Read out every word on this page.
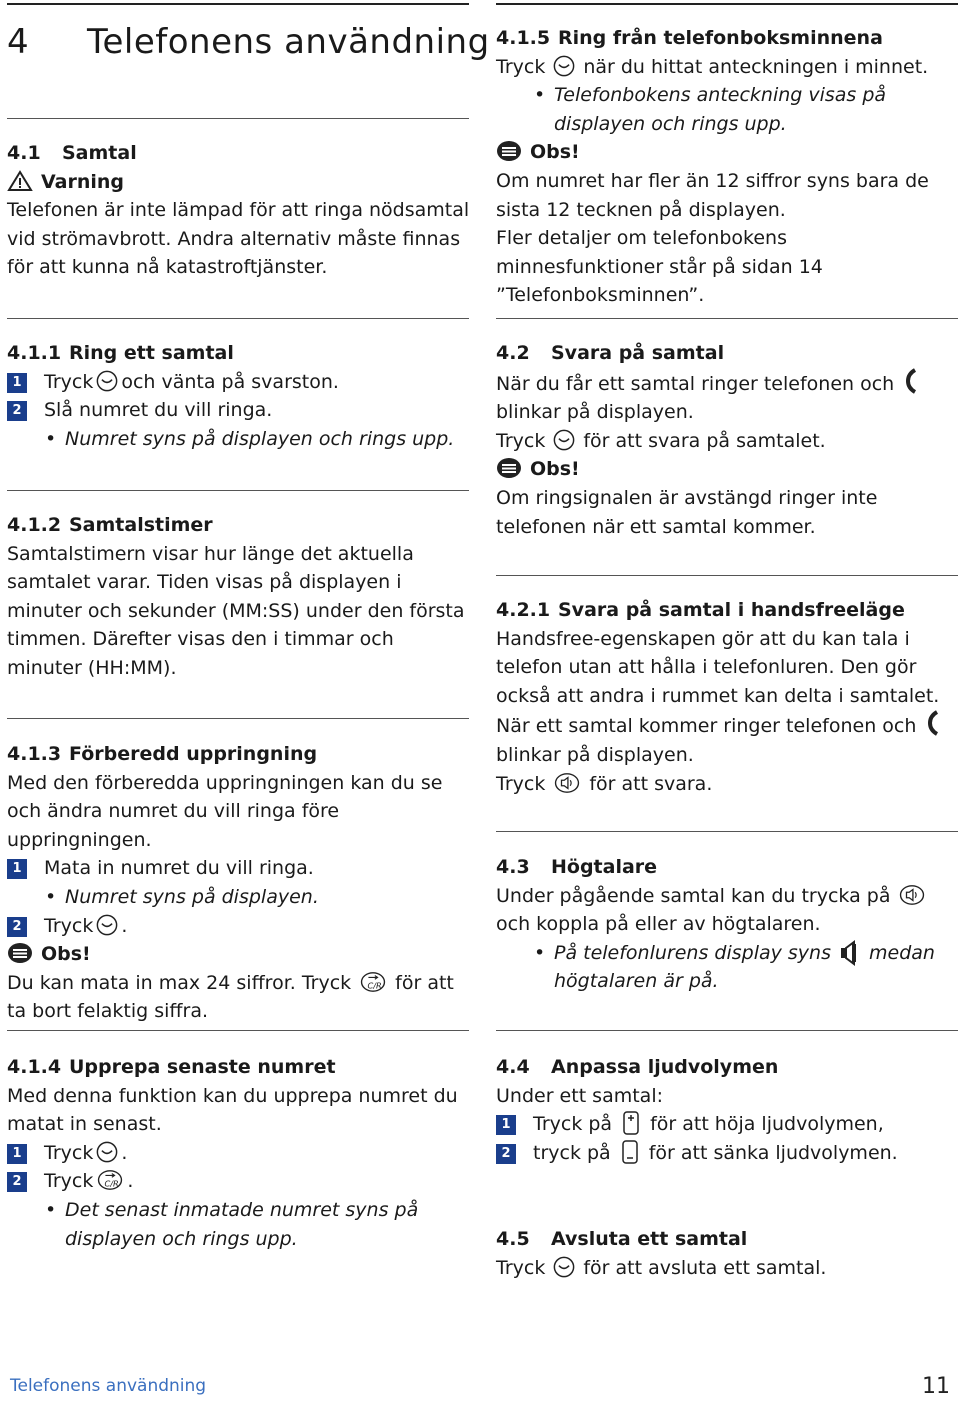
4 Telefonens användning

4.1 Samtal

Varning

Telefonen är inte lämpad för att ringa nödsamtal vid strömavbrott. Andra alternativ måste finnas för att kunna nå katastroftjänster.

4.1.1 Ring ett samtal

1 Tryck och vänta på svarston.

2 Slå numret du vill ringa.

• Numret syns på displayen och rings upp.

4.1.2 Samtalstimer

Samtalstimern visar hur länge det aktuella samtalet varar. Tiden visas på displayen i minuter och sekunder (MM:SS) under den första timmen. Därefter visas den i timmar och minuter (HH:MM).

4.1.3 Förberedd uppringning

Med den förberedda uppringningen kan du se och ändra numret du vill ringa före uppringningen.

1 Mata in numret du vill ringa.

• Numret syns på displayen.

2 Tryck .

Obs!

Du kan mata in max 24 siffror. Tryck för att ta bort felaktig siffra.

4.1.4 Upprepa senaste numret

Med denna funktion kan du upprepa numret du matat in senast.

1 Tryck .

2 Tryck .

• Det senast inmatade numret syns på displayen och rings upp.

4.1.5 Ring från telefonboksminnena

Tryck när du hittat anteckningen i minnet.

• Telefonbokens anteckning visas på displayen och rings upp.

Obs!

Om numret har fler än 12 siffror syns bara de sista 12 tecknen på displayen.

Fler detaljer om telefonbokens minnesfunktioner står på sidan 14 ”Telefonboksminnen”.

4.2 Svara på samtal

När du får ett samtal ringer telefonen och

blinkar på displayen.

Tryck för att svara på samtalet.

Obs!

Om ringsignalen är avstängd ringer inte telefonen när ett samtal kommer.

4.2.1 Svara på samtal i handsfreeläge

Handsfree-egenskapen gör att du kan tala i telefon utan att hålla i telefonluren. Den gör också att andra i rummet kan delta i samtalet.

När ett samtal kommer ringer telefonen och

blinkar på displayen.

Tryck för att svara.

4.3 Högtalare

Under pågående samtal kan du trycka påoch koppla på eller av högtalaren.

• På telefonlurens display syns medan högtalaren är på.

4.4 Anpassa ljudvolymen

Under ett samtal:

1 Tryck på för att höja ljudvolymen,

2 tryck på för att sänka ljudvolymen.

4.5 Avsluta ett samtal

Tryck för att avsluta ett samtal.

Telefonens användning	11
